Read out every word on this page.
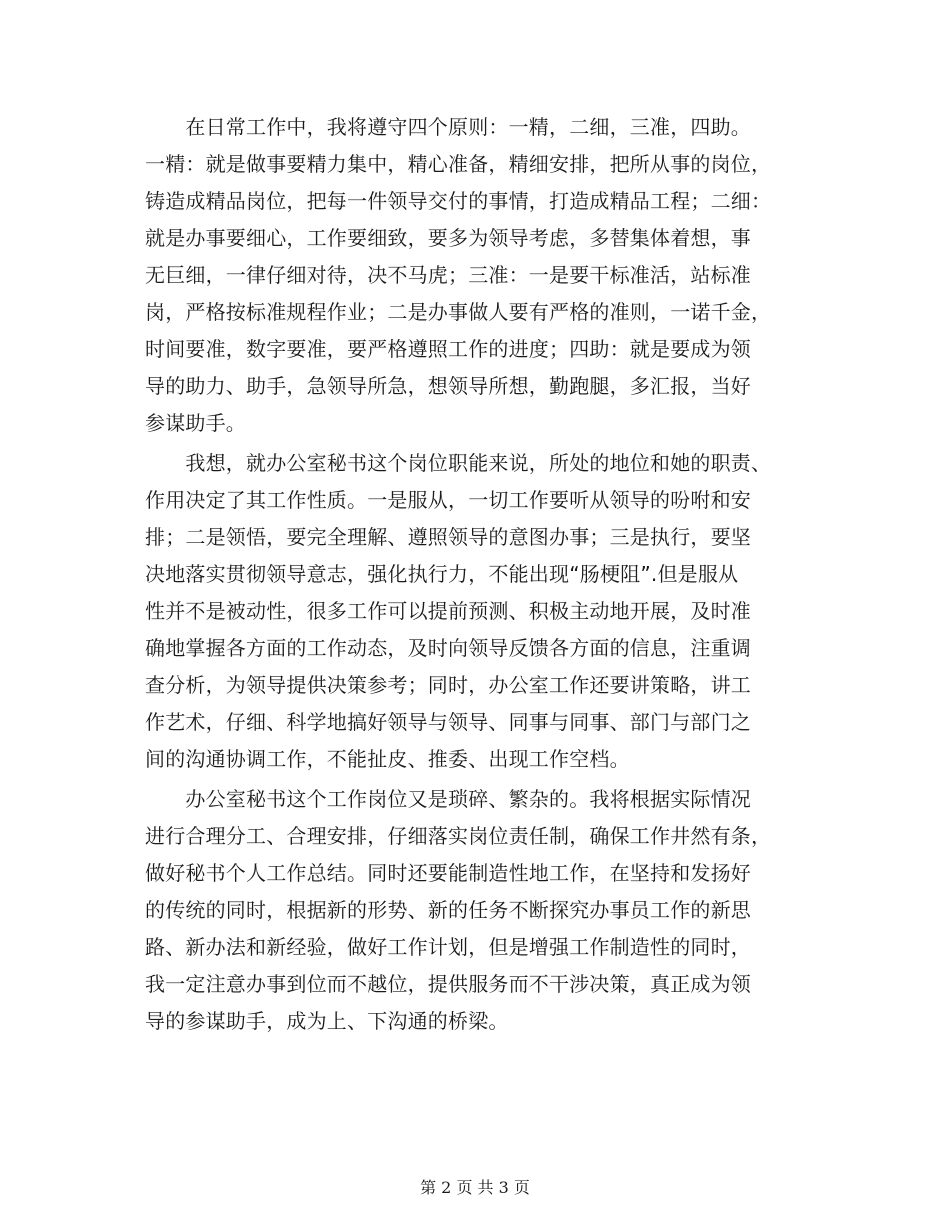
　　在日常工作中，我将遵守四个原则：一精，二细，三准，四助。
一精：就是做事要精力集中，精心准备，精细安排，把所从事的岗位，
铸造成精品岗位，把每一件领导交付的事情，打造成精品工程；二细：
就是办事要细心，工作要细致，要多为领导考虑，多替集体着想，事
无巨细，一律仔细对待，决不马虎；三准：一是要干标准活，站标准
岗，严格按标准规程作业；二是办事做人要有严格的准则，一诺千金，
时间要准，数字要准，要严格遵照工作的进度；四助：就是要成为领
导的助力、助手，急领导所急，想领导所想，勤跑腿，多汇报，当好
参谋助手。
　　我想，就办公室秘书这个岗位职能来说，所处的地位和她的职责、
作用决定了其工作性质。一是服从，一切工作要听从领导的吩咐和安
排；二是领悟，要完全理解、遵照领导的意图办事；三是执行，要坚
决地落实贯彻领导意志，强化执行力，不能出现“肠梗阻”.但是服从
性并不是被动性，很多工作可以提前预测、积极主动地开展，及时准
确地掌握各方面的工作动态，及时向领导反馈各方面的信息，注重调
查分析，为领导提供决策参考；同时，办公室工作还要讲策略，讲工
作艺术，仔细、科学地搞好领导与领导、同事与同事、部门与部门之
间的沟通协调工作，不能扯皮、推委、出现工作空档。
　　办公室秘书这个工作岗位又是琐碎、繁杂的。我将根据实际情况
进行合理分工、合理安排，仔细落实岗位责任制，确保工作井然有条，
做好秘书个人工作总结。同时还要能制造性地工作，在坚持和发扬好
的传统的同时，根据新的形势、新的任务不断探究办事员工作的新思
路、新办法和新经验，做好工作计划，但是增强工作制造性的同时，
我一定注意办事到位而不越位，提供服务而不干涉决策，真正成为领
导的参谋助手，成为上、下沟通的桥梁。
第 2 页 共 3 页
